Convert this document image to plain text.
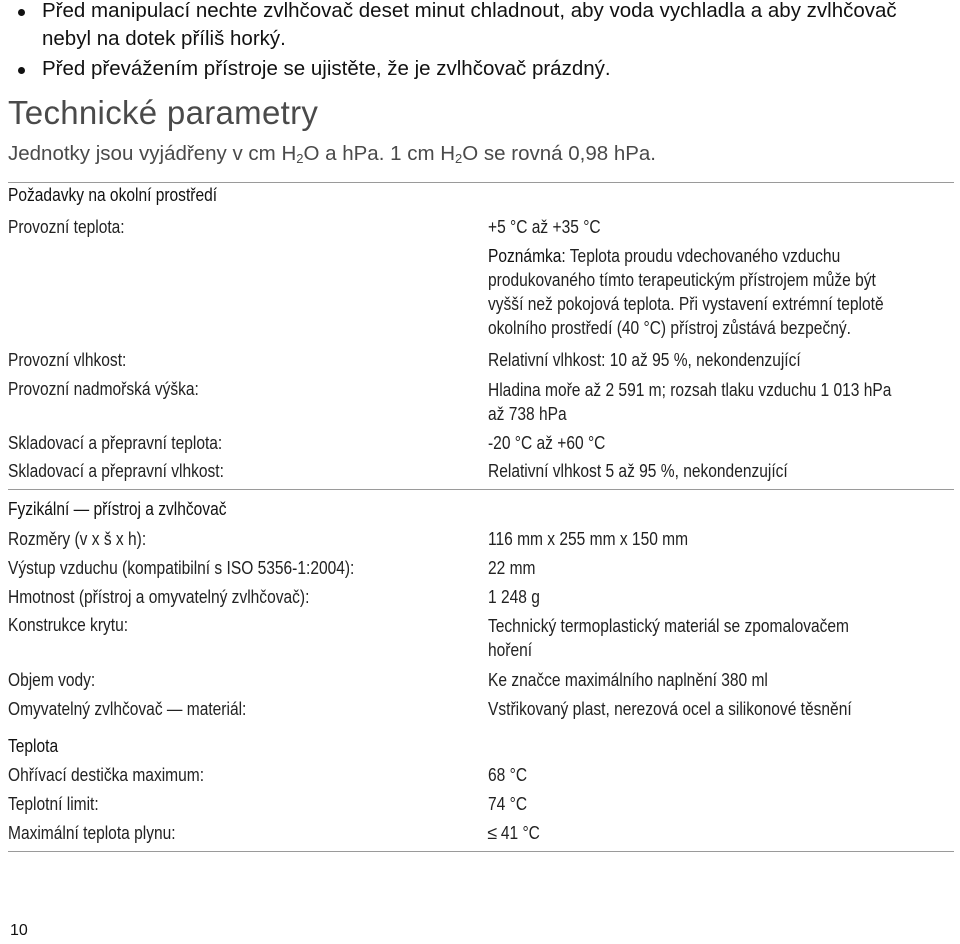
Před manipulací nechte zvlhčovač deset minut chladnout, aby voda vychladla a aby zvlhčovač nebyl na dotek příliš horký.
Před převážením přístroje se ujistěte, že je zvlhčovač prázdný.
Technické parametry
Jednotky jsou vyjádřeny v cm $H_2O$ a hPa. 1 cm $H_2O$ se rovná 0,98 hPa.
Požadavky na okolní prostředí
Provozní teplota:	+5 °C až +35 °C
Poznámka: Teplota proudu vdechovaného vzduchu
produkovaného tímto terapeutickým přístrojem může být
vyšší než pokojová teplota. Při vystavení extrémní teplotě
okolního prostředí (40 °C) přístroj zůstává bezpečný.
Provozní vlhkost:	Relativní vlhkost: 10 až 95 %, nekondenzující
Provozní nadmořská výška:	Hladina moře až 2 591 m; rozsah tlaku vzduchu 1 013 hPa
až 738 hPa
Skladovací a přepravní teplota:	-20 °C až +60 °C
Skladovací a přepravní vlhkost:	Relativní vlhkost 5 až 95 %, nekondenzující
Fyzikální — přístroj a zvlhčovač
Rozměry (v x š x h):	116 mm x 255 mm x 150 mm
Výstup vzduchu (kompatibilní s ISO 5356-1:2004):	22 mm
Hmotnost (přístroj a omyvatelný zvlhčovač):	1 248 g
Konstrukce krytu:	Technický termoplastický materiál se zpomalovačem
hoření
Objem vody:	Ke značce maximálního naplnění 380 ml
Omyvatelný zvlhčovač — materiál:	Vstřikovaný plast, nerezová ocel a silikonové těsnění
Teplota
Ohřívací destička maximum:	68 °C
Teplotní limit:	74 °C
Maximální teplota plynu:	≤ 41 °C
10
